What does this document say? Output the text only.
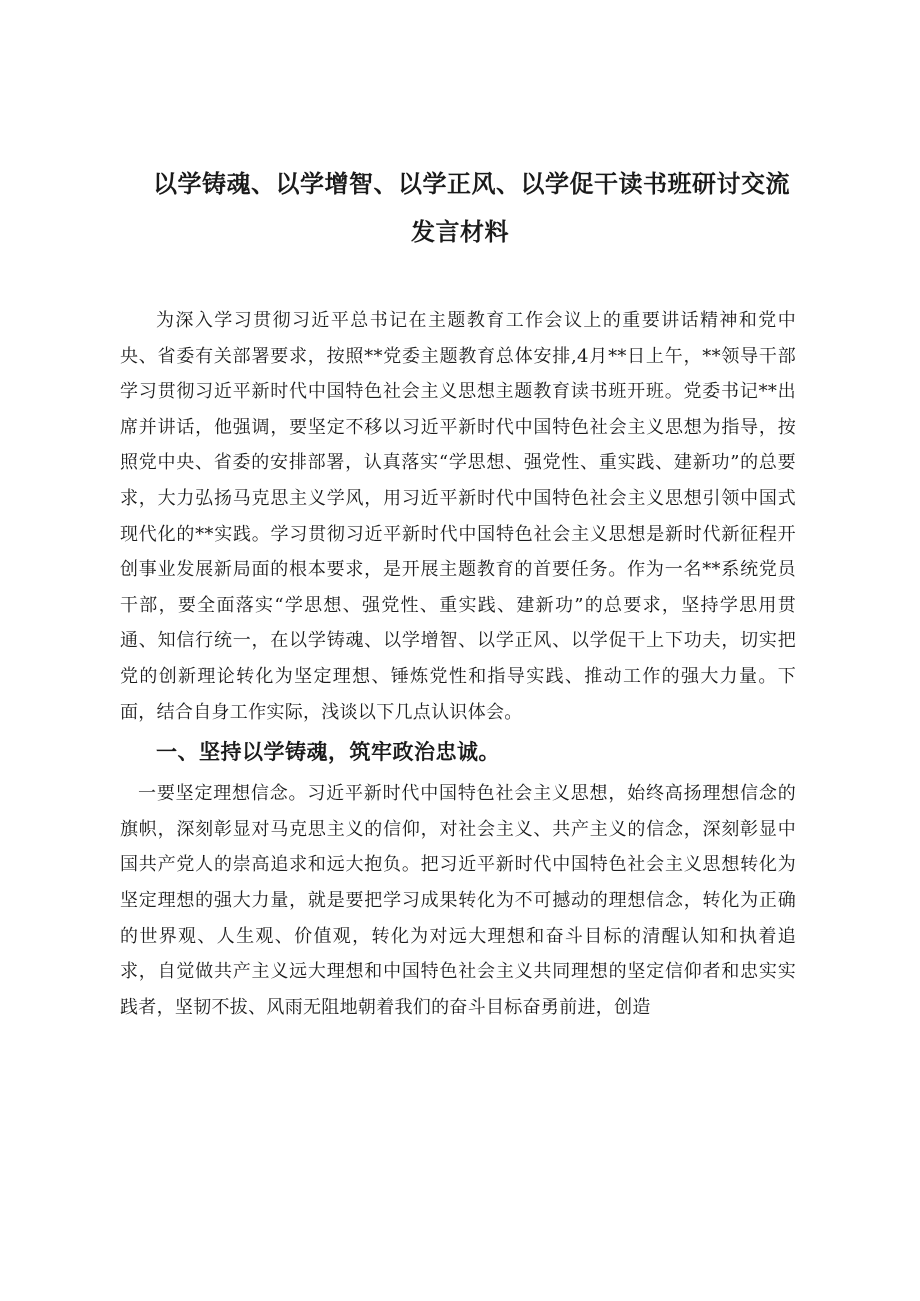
以学铸魂、以学增智、以学正风、以学促干读书班研讨交流
发言材料

为深入学习贯彻习近平总书记在主题教育工作会议上的重要讲话精神和党中央、省委有关部署要求，按照**党委主题教育总体安排,4月**日上午，**领导干部学习贯彻习近平新时代中国特色社会主义思想主题教育读书班开班。党委书记**出席并讲话，他强调，要坚定不移以习近平新时代中国特色社会主义思想为指导，按照党中央、省委的安排部署，认真落实“学思想、强党性、重实践、建新功”的总要求，大力弘扬马克思主义学风，用习近平新时代中国特色社会主义思想引领中国式现代化的**实践。学习贯彻习近平新时代中国特色社会主义思想是新时代新征程开创事业发展新局面的根本要求，是开展主题教育的首要任务。作为一名**系统党员干部，要全面落实“学思想、强党性、重实践、建新功”的总要求，坚持学思用贯通、知信行统一，在以学铸魂、以学增智、以学正风、以学促干上下功夫，切实把党的创新理论转化为坚定理想、锤炼党性和指导实践、推动工作的强大力量。下面，结合自身工作实际，浅谈以下几点认识体会。

一、坚持以学铸魂，筑牢政治忠诚。

一要坚定理想信念。习近平新时代中国特色社会主义思想，始终高扬理想信念的旗帜，深刻彰显对马克思主义的信仰，对社会主义、共产主义的信念，深刻彰显中国共产党人的崇高追求和远大抱负。把习近平新时代中国特色社会主义思想转化为坚定理想的强大力量，就是要把学习成果转化为不可撼动的理想信念，转化为正确的世界观、人生观、价值观，转化为对远大理想和奋斗目标的清醒认知和执着追求，自觉做共产主义远大理想和中国特色社会主义共同理想的坚定信仰者和忠实实践者，坚韧不拔、风雨无阻地朝着我们的奋斗目标奋勇前进，创造
